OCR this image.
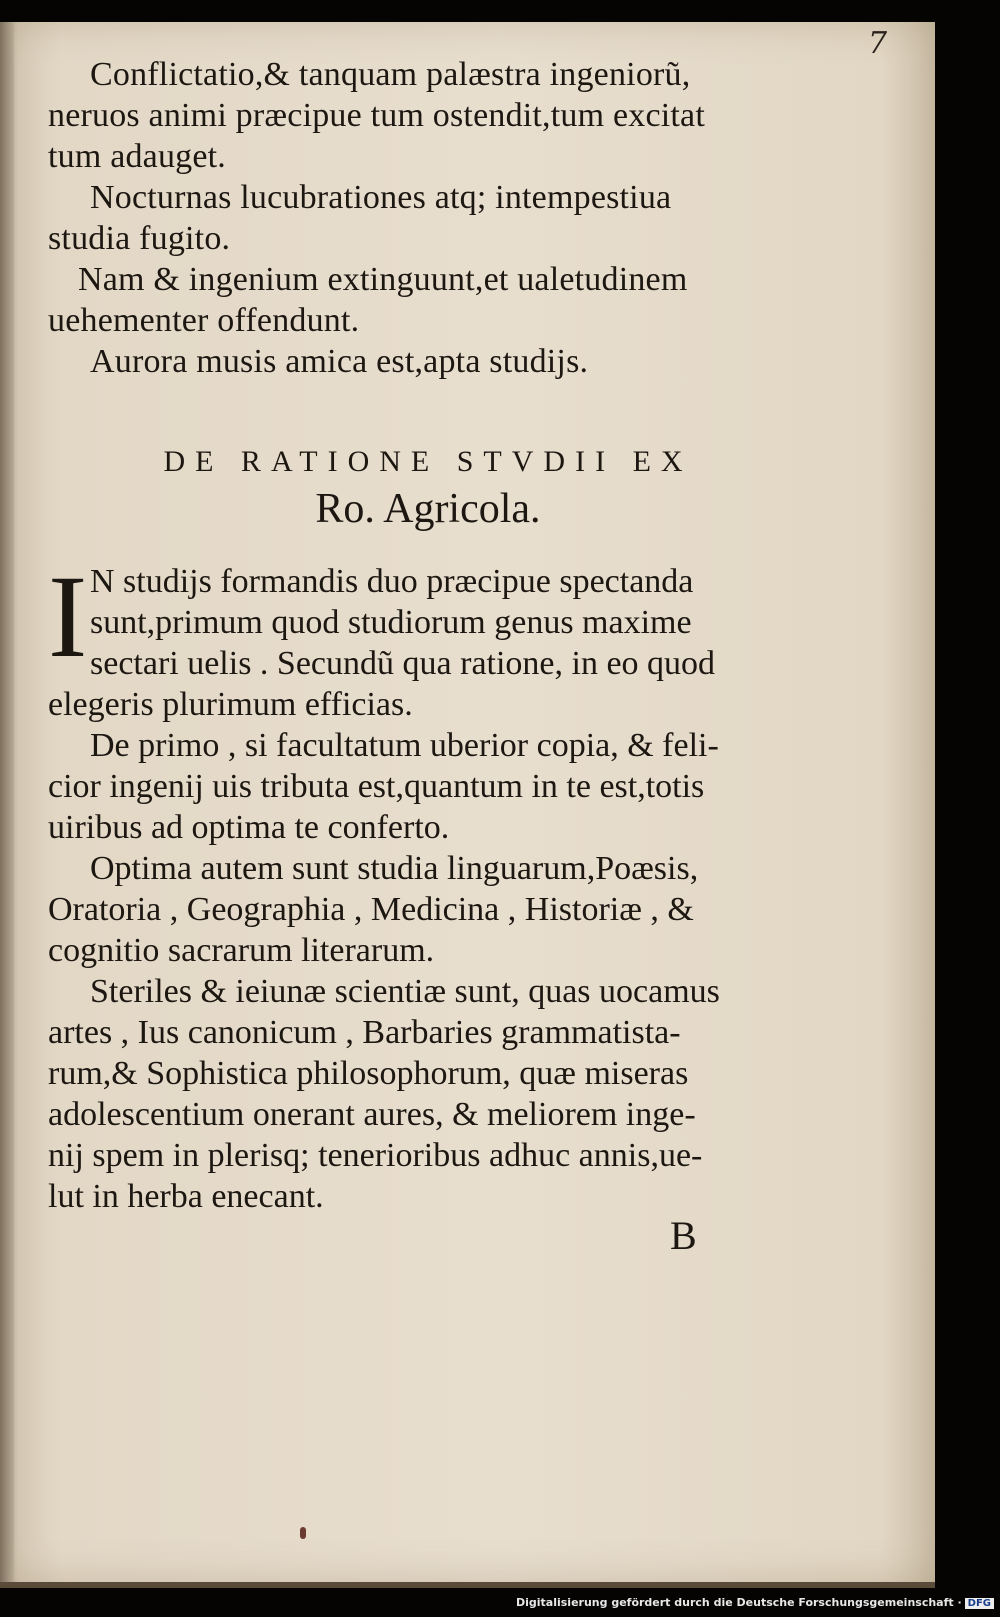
7
Conflictatio,& tanquam palæstra ingeniorũ,
neruos animi præcipue tum ostendit,tum excitat
tum adauget.
Nocturnas lucubrationes atq; intempestiua
studia fugito.
Nam & ingenium extinguunt,et ualetudinem
uehementer offendunt.
Aurora musis amica est,apta studijs.
DE RATIONE STVDII EX
Ro. Agricola.
I N studijs formandis duo præcipue spectanda
sunt,primum quod studiorum genus maxime
sectari uelis . Secundũ qua ratione, in eo quod
elegeris plurimum efficias.
De primo , si facultatum uberior copia, & feli-
cior ingenij uis tributa est,quantum in te est,totis
uiribus ad optima te conferto.
Optima autem sunt studia linguarum,Poæsis,
Oratoria , Geographia , Medicina , Historiæ , &
cognitio sacrarum literarum.
Steriles & ieiunæ scientiæ sunt, quas uocamus
artes , Ius canonicum , Barbaries grammatista-
rum,& Sophistica philosophorum, quæ miseras
adolescentium onerant aures, & meliorem inge-
nij spem in plerisq; tenerioribus adhuc annis,ue-
lut in herba enecant.
B
Digitalisierung gefördert durch die Deutsche Forschungsgemeinschaft · DFG
